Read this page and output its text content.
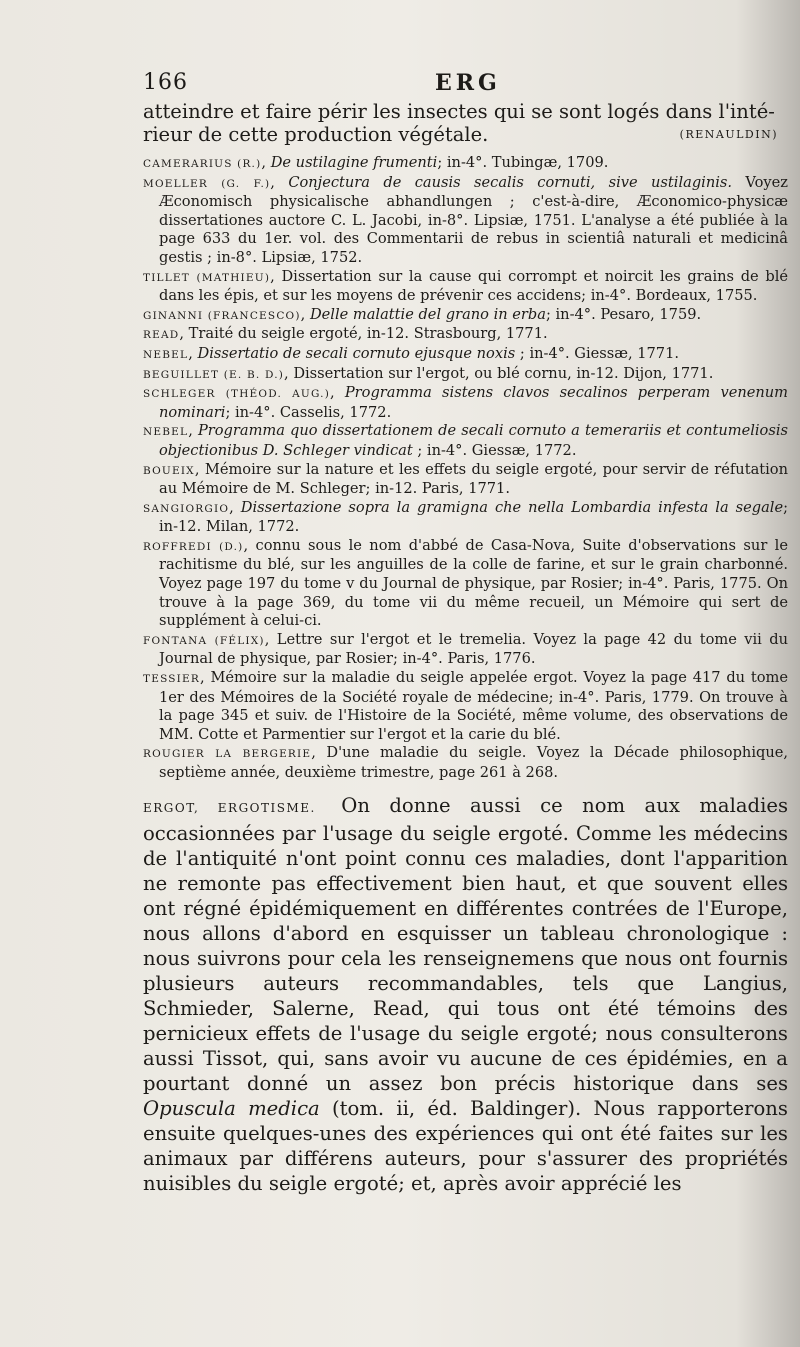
166	ERG

atteindre et faire périr les insectes qui se sont logés dans l'inté-

rieur de cette production végétale.	(RENAULDIN)

CAMERARIUS (R.), De ustilagine frumenti; in-4°. Tubingæ, 1709.

MOELLER (G. F.), Conjectura de causis secalis cornuti, sive ustilaginis. Voyez Æconomisch physicalische abhandlungen ; c'est-à-dire, Æconomico-physicæ dissertationes auctore C. L. Jacobi, in-8°. Lipsiæ, 1751. L'analyse a été publiée à la page 633 du 1er. vol. des Commentarii de rebus in scientiâ naturali et medicinâ gestis ; in-8°. Lipsiæ, 1752.

TILLET (MATHIEU), Dissertation sur la cause qui corrompt et noircit les grains de blé dans les épis, et sur les moyens de prévenir ces accidens; in-4°. Bordeaux, 1755.

GINANNI (FRANCESCO), Delle malattie del grano in erba; in-4°. Pesaro, 1759.

READ, Traité du seigle ergoté, in-12. Strasbourg, 1771.

NEBEL, Dissertatio de secali cornuto ejusque noxis ; in-4°. Giessæ, 1771.

BEGUILLET (E. B. D.), Dissertation sur l'ergot, ou blé cornu, in-12. Dijon, 1771.

SCHLEGER (THÉOD. AUG.), Programma sistens clavos secalinos perperam venenum nominari; in-4°. Casselis, 1772.

NEBEL, Programma quo dissertationem de secali cornuto a temerariis et contumeliosis objectionibus D. Schleger vindicat ; in-4°. Giessæ, 1772.

BOUEIX, Mémoire sur la nature et les effets du seigle ergoté, pour servir de réfutation au Mémoire de M. Schleger; in-12. Paris, 1771.

SANGIORGIO, Dissertazione sopra la gramigna che nella Lombardia infesta la segale; in-12. Milan, 1772.

ROFFREDI (D.), connu sous le nom d'abbé de Casa-Nova, Suite d'observations sur le rachitisme du blé, sur les anguilles de la colle de farine, et sur le grain charbonné. Voyez page 197 du tome v du Journal de physique, par Rosier; in-4°. Paris, 1775. On trouve à la page 369, du tome vii du même recueil, un Mémoire qui sert de supplément à celui-ci.

FONTANA (FÉLIX), Lettre sur l'ergot et le tremelia. Voyez la page 42 du tome vii du Journal de physique, par Rosier; in-4°. Paris, 1776.

TESSIER, Mémoire sur la maladie du seigle appelée ergot. Voyez la page 417 du tome 1er des Mémoires de la Société royale de médecine; in-4°. Paris, 1779. On trouve à la page 345 et suiv. de l'Histoire de la Société, même volume, des observations de MM. Cotte et Parmentier sur l'ergot et la carie du blé.

ROUGIER LA BERGERIE, D'une maladie du seigle. Voyez la Décade philosophique, septième année, deuxième trimestre, page 261 à 268.

ERGOT, ERGOTISME. On donne aussi ce nom aux maladies occasionnées par l'usage du seigle ergoté. Comme les médecins de l'antiquité n'ont point connu ces maladies, dont l'apparition ne remonte pas effectivement bien haut, et que souvent elles ont régné épidémiquement en différentes contrées de l'Europe, nous allons d'abord en esquisser un tableau chronologique : nous suivrons pour cela les renseignemens que nous ont fournis plusieurs auteurs recommandables, tels que Langius, Schmieder, Salerne, Read, qui tous ont été témoins des pernicieux effets de l'usage du seigle ergoté; nous consulterons aussi Tissot, qui, sans avoir vu aucune de ces épidémies, en a pourtant donné un assez bon précis historique dans ses Opuscula medica (tom. ii, éd. Baldinger). Nous rapporterons ensuite quelques-unes des expériences qui ont été faites sur les animaux par différens auteurs, pour s'assurer des propriétés nuisibles du seigle ergoté; et, après avoir apprécié les
